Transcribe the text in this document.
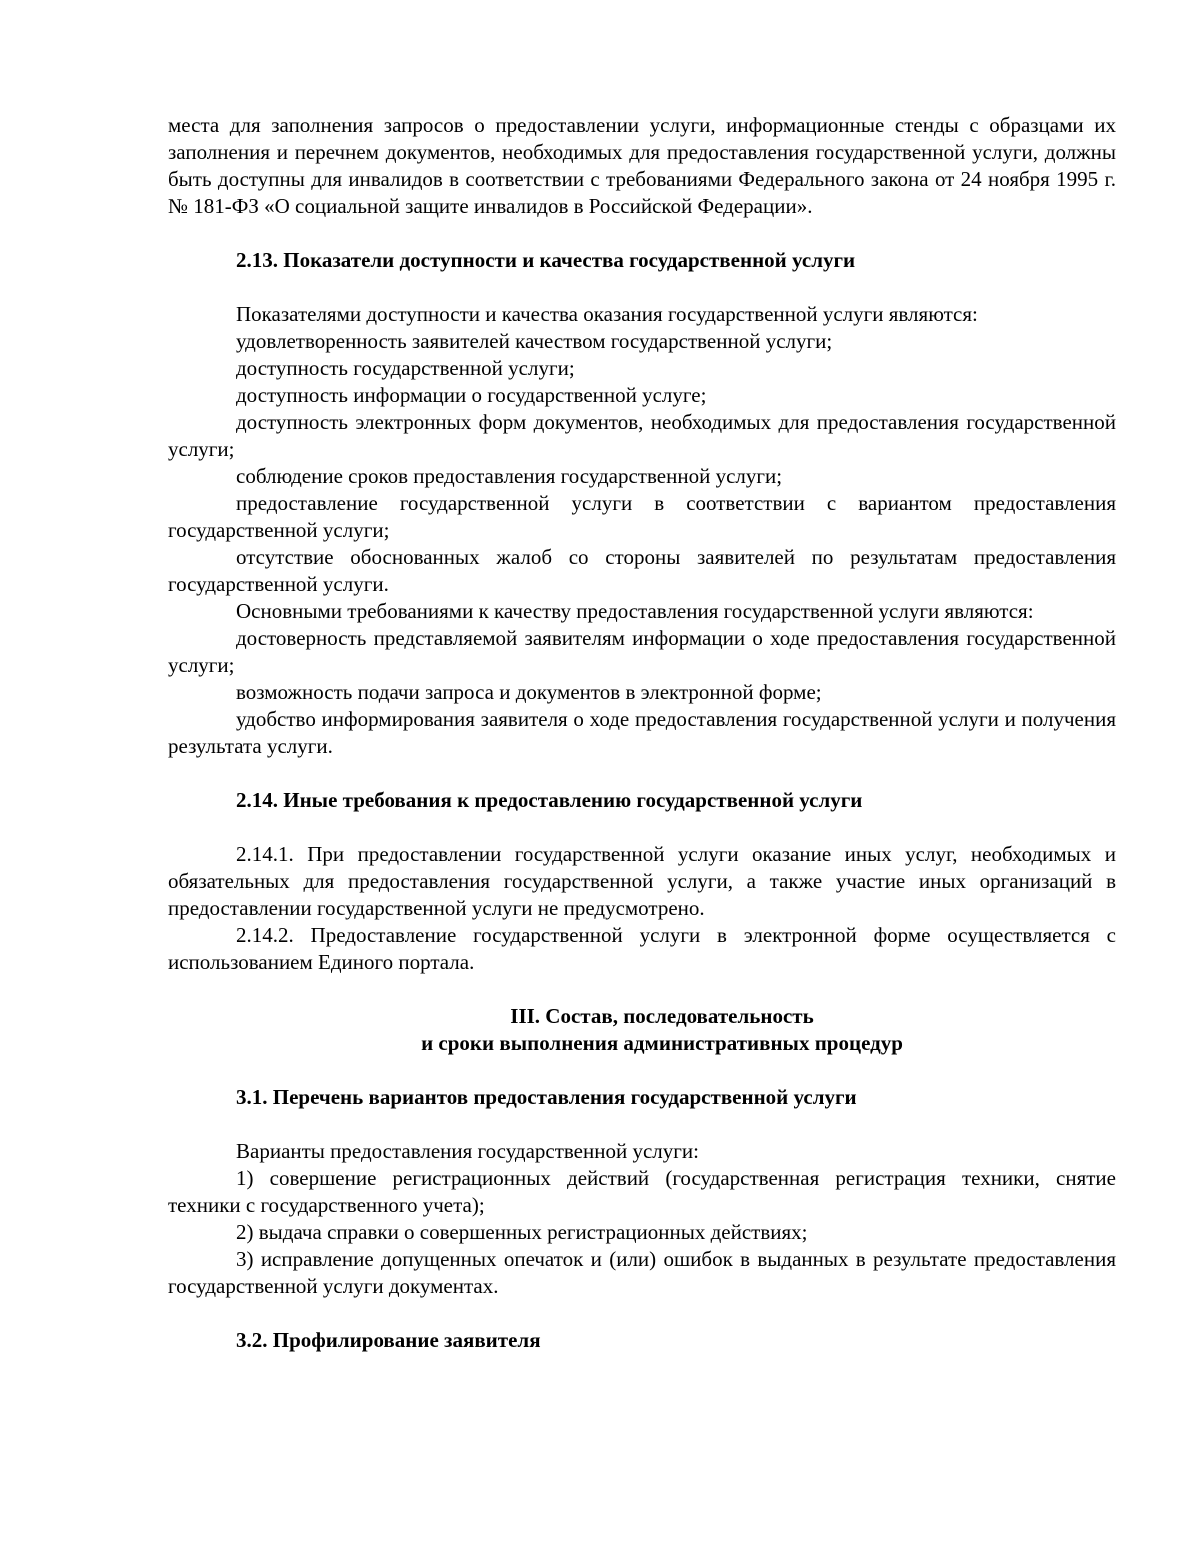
места для заполнения запросов о предоставлении услуги, информационные стенды с образцами их заполнения и перечнем документов, необходимых для предоставления государственной услуги, должны быть доступны для инвалидов в соответствии с требованиями Федерального закона от 24 ноября 1995 г. № 181-ФЗ «О социальной защите инвалидов в Российской Федерации».

2.13. Показатели доступности и качества государственной услуги

Показателями доступности и качества оказания государственной услуги являются:

удовлетворенность заявителей качеством государственной услуги;

доступность государственной услуги;

доступность информации о государственной услуге;

доступность электронных форм документов, необходимых для предоставления государственной услуги;

соблюдение сроков предоставления государственной услуги;

предоставление государственной услуги в соответствии с вариантом предоставления государственной услуги;

отсутствие обоснованных жалоб со стороны заявителей по результатам предоставления государственной услуги.

Основными требованиями к качеству предоставления государственной услуги являются:

достоверность представляемой заявителям информации о ходе предоставления государственной услуги;

возможность подачи запроса и документов в электронной форме;

удобство информирования заявителя о ходе предоставления государственной услуги и получения результата услуги.

2.14. Иные требования к предоставлению государственной услуги

2.14.1. При предоставлении государственной услуги оказание иных услуг, необходимых и обязательных для предоставления государственной услуги, а также участие иных организаций в предоставлении государственной услуги не предусмотрено.

2.14.2. Предоставление государственной услуги в электронной форме осуществляется с использованием Единого портала.

III. Состав, последовательность
и сроки выполнения административных процедур
3.1. Перечень вариантов предоставления государственной услуги

Варианты предоставления государственной услуги:

1) совершение регистрационных действий (государственная регистрация техники, снятие техники с государственного учета);

2) выдача справки о совершенных регистрационных действиях;

3) исправление допущенных опечаток и (или) ошибок в выданных в результате предоставления государственной услуги документах.

3.2. Профилирование заявителя
